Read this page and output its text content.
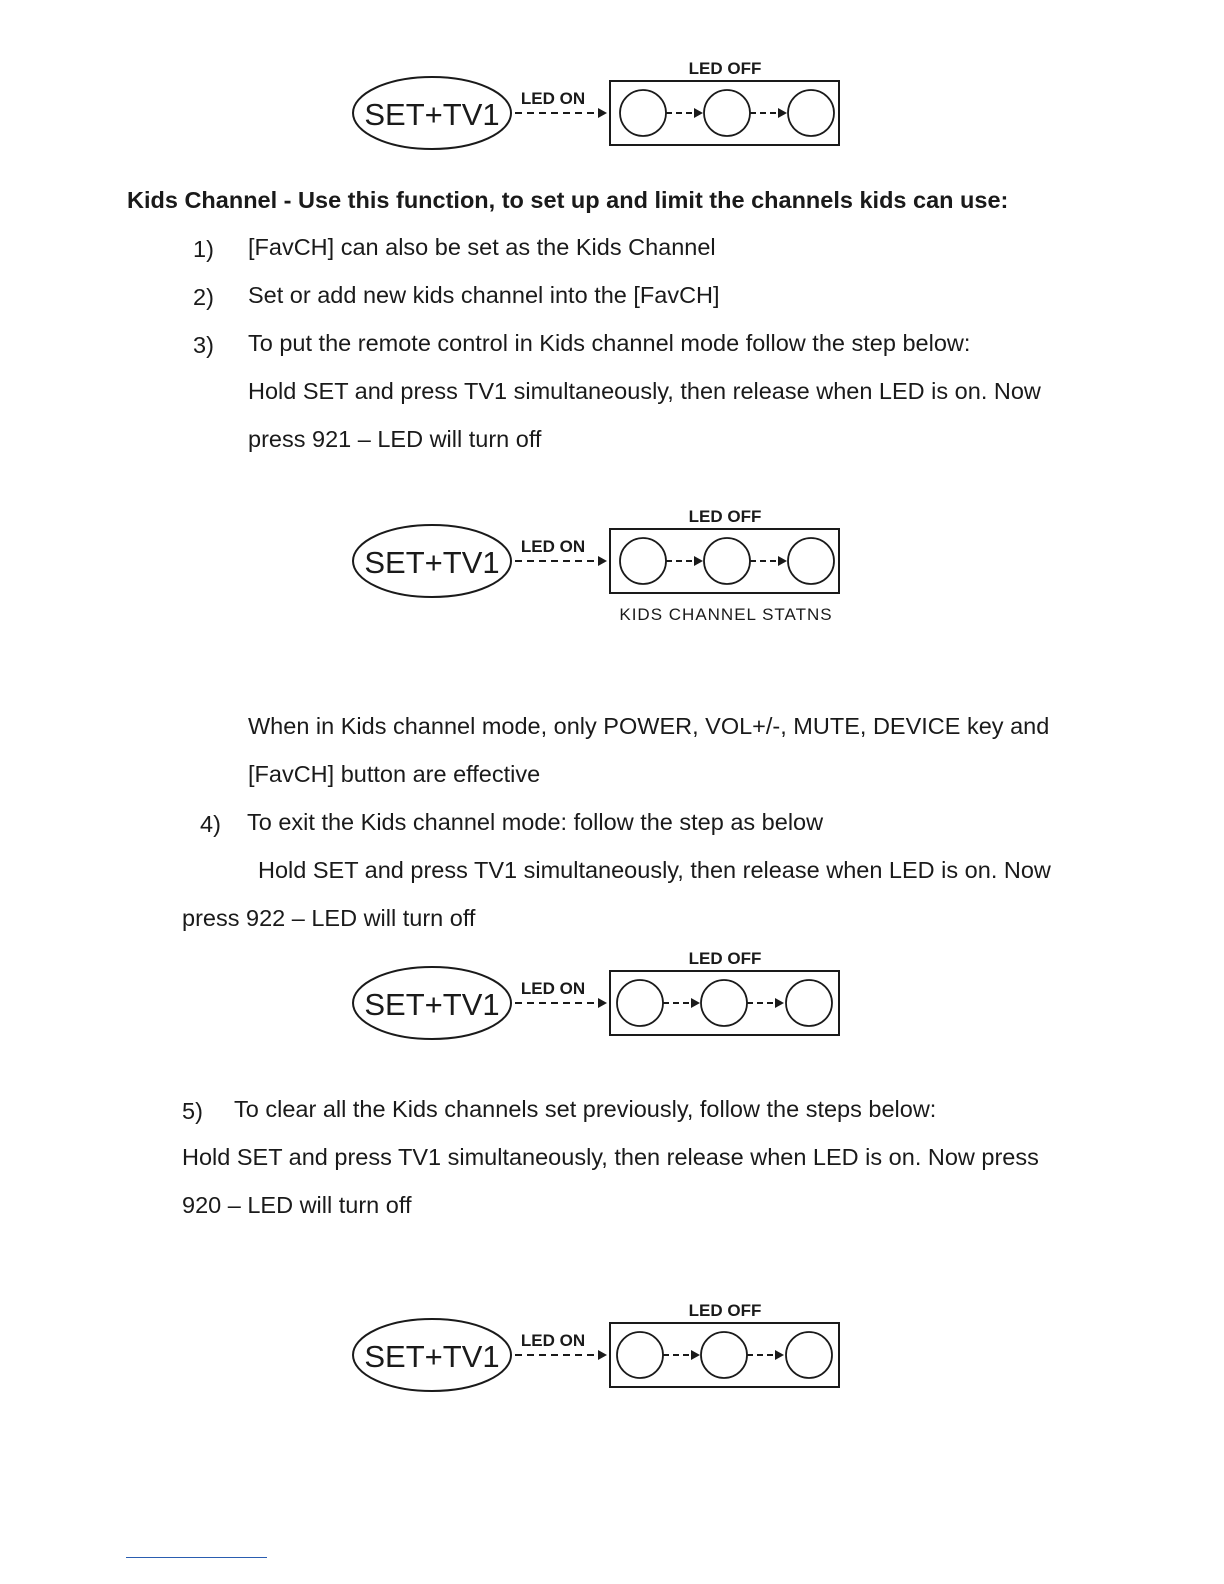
SET+TV1 LED ON
LED OFF
Kids Channel - Use this function, to set up and limit the channels kids can use:
1) [FavCH] can also be set as the Kids Channel
2) Set or add new kids channel into the [FavCH]
3) To put the remote control in Kids channel mode follow the step below:
Hold SET and press TV1 simultaneously, then release when LED is on. Now
press 921 – LED will turn off
SET+TV1 LED ON
LED OFF
KIDS CHANNEL STATNS
When in Kids channel mode, only POWER, VOL+/-, MUTE, DEVICE key and
[FavCH] button are effective
4) To exit the Kids channel mode: follow the step as below
Hold SET and press TV1 simultaneously, then release when LED is on. Now
press 922 – LED will turn off
SET+TV1 LED ON
LED OFF
5) To clear all the Kids channels set previously, follow the steps below:
Hold SET and press TV1 simultaneously, then release when LED is on. Now press
920 – LED will turn off
SET+TV1 LED ON
LED OFF
